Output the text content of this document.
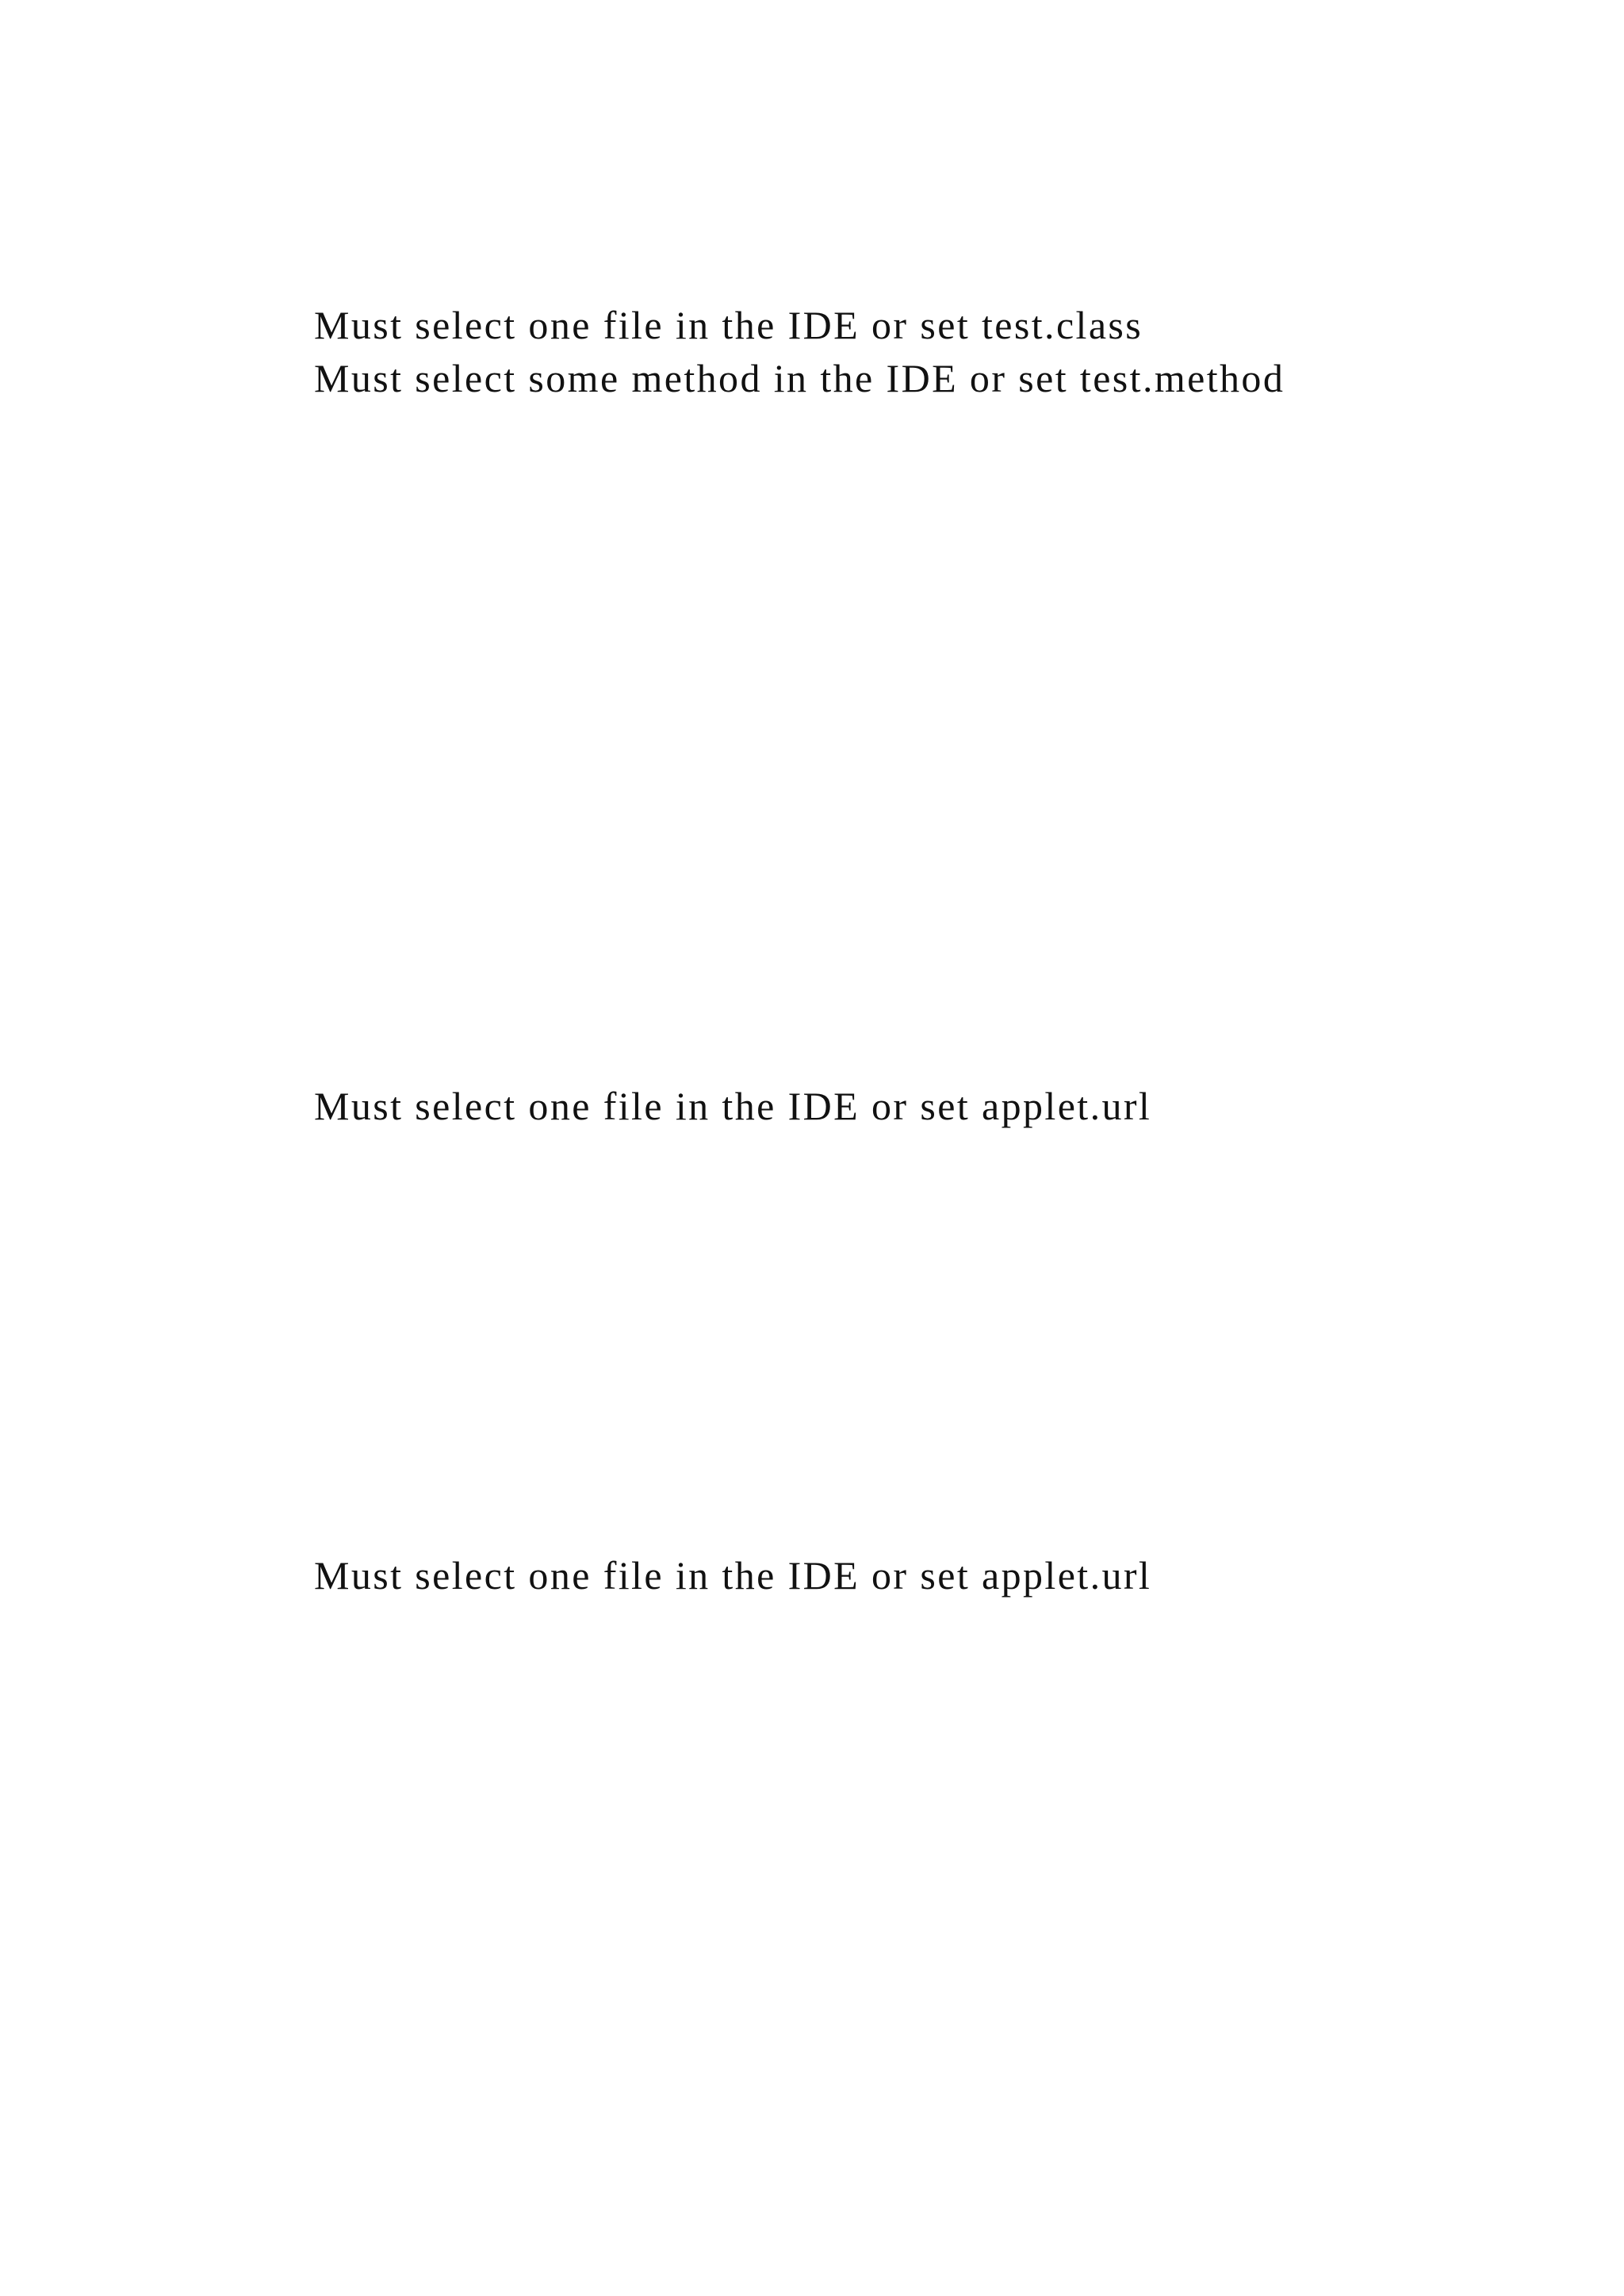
Must select one file in the IDE or set test.class

Must select some method in the IDE or set test.method

Must select one file in the IDE or set applet.url

Must select one file in the IDE or set applet.url
